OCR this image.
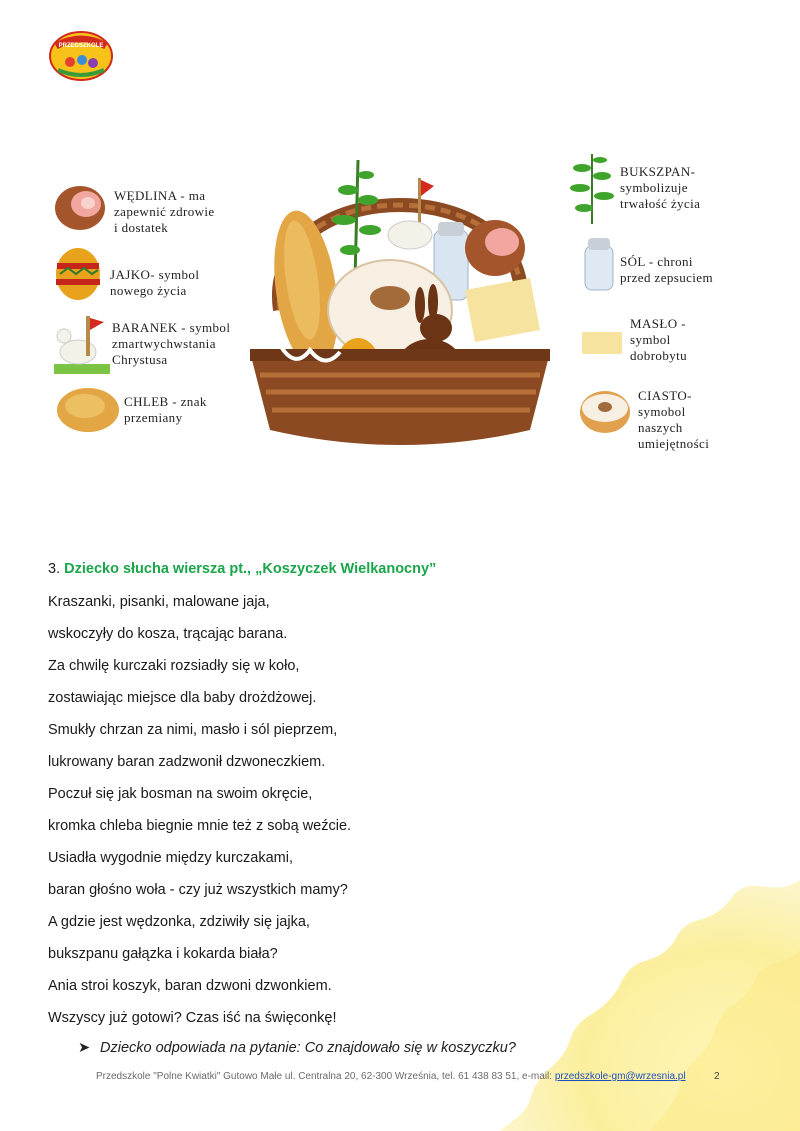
PRZEDSZKOLE
WĘDLINA - ma
zapewnić zdrowie
i dostatek
JAJKO- symbol
nowego życia
BARANEK - symbol
zmartwychwstania
Chrystusa
CHLEB - znak
przemiany
BUKSZPAN-
symbolizuje
trwałość życia
SÓL - chroni
przed zepsuciem
MASŁO -
symbol
dobrobytu
CIASTO-
symobol
naszych
umiejętności
3. Dziecko słucha wiersza pt., „Koszyczek Wielkanocny”
Kraszanki, pisanki, malowane jaja,
wskoczyły do kosza, trącając barana.
Za chwilę kurczaki rozsiadły się w koło,
zostawiając miejsce dla baby drożdżowej.
Smukły chrzan za nimi, masło i sól pieprzem,
lukrowany baran zadzwonił dzwoneczkiem.
Poczuł się jak bosman na swoim okręcie,
kromka chleba biegnie mnie też z sobą weźcie.
Usiadła wygodnie między kurczakami,
baran głośno woła - czy już wszystkich mamy?
A gdzie jest wędzonka, zdziwiły się jajka,
bukszpanu gałązka i kokarda biała?
Ania stroi koszyk, baran dzwoni dzwonkiem.
Wszyscy już gotowi? Czas iść na święconkę!
➤ Dziecko odpowiada na pytanie: Co znajdowało się w koszyczku?
Przedszkole "Polne Kwiatki" Gutowo Małe ul. Centralna 20, 62-300 Września, tel. 61 438 83 51, e-mail: przedszkole-gm@wrzesnia.pl	2
